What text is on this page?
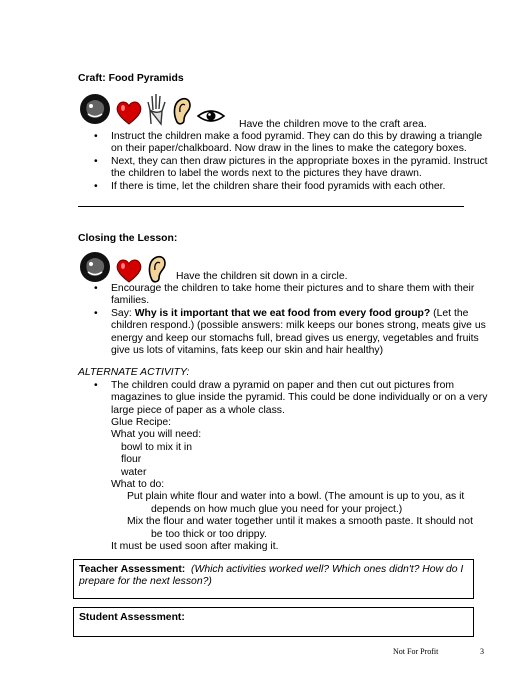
Craft: Food Pyramids
Have the children move to the craft area.
• Instruct the children make a food pyramid. They can do this by drawing a triangle on their paper/chalkboard. Now draw in the lines to make the category boxes.
• Next, they can then draw pictures in the appropriate boxes in the pyramid. Instruct the children to label the words next to the pictures they have drawn.
• If there is time, let the children share their food pyramids with each other.
Closing the Lesson:
Have the children sit down in a circle.
• Encourage the children to take home their pictures and to share them with their families.
• Say: Why is it important that we eat food from every food group? (Let the children respond.) (possible answers: milk keeps our bones strong, meats give us energy and keep our stomachs full, bread gives us energy, vegetables and fruits give us lots of vitamins, fats keep our skin and hair healthy)
ALTERNATE ACTIVITY:
• The children could draw a pyramid on paper and then cut out pictures from magazines to glue inside the pyramid. This could be done individually or on a very large piece of paper as a whole class.
Glue Recipe:
What you will need:
bowl to mix it in
flour
water
What to do:
Put plain white flour and water into a bowl. (The amount is up to you, as it depends on how much glue you need for your project.)
Mix the flour and water together until it makes a smooth paste. It should not be too thick or too drippy.
It must be used soon after making it.
Teacher Assessment: (Which activities worked well? Which ones didn't? How do I prepare for the next lesson?)
Student Assessment:
Not For Profit	3
